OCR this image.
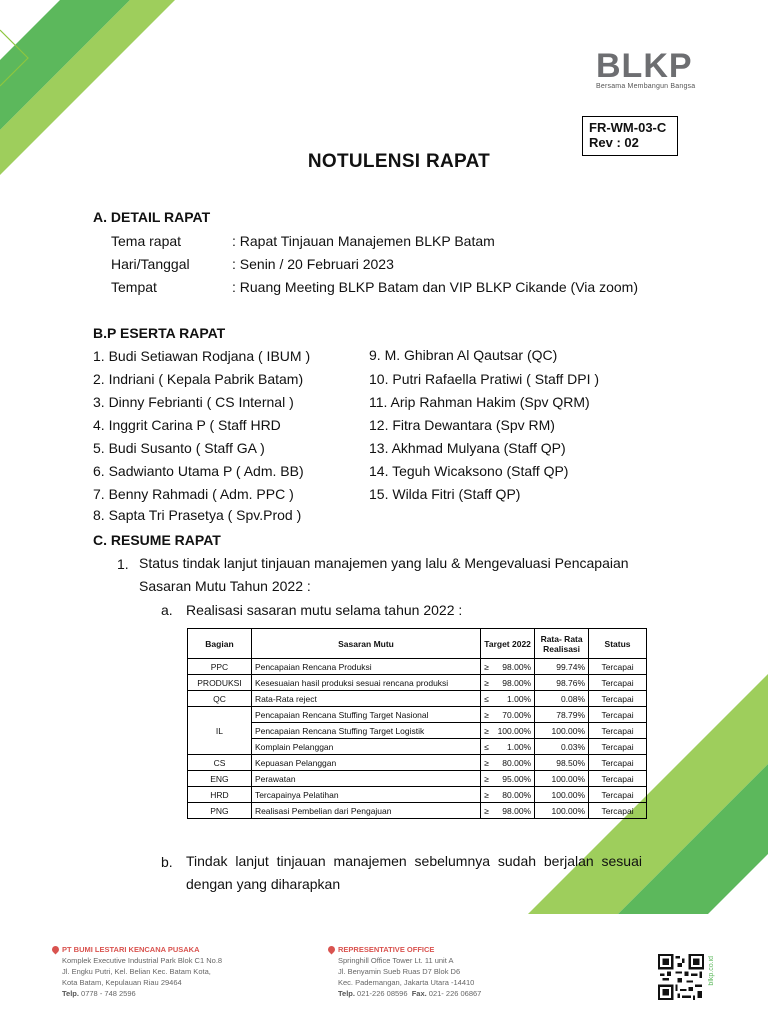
BLKP
Bersama Membangun Bangsa
FR-WM-03-C
Rev : 02
NOTULENSI RAPAT
A. DETAIL RAPAT
Tema rapat	: Rapat Tinjauan Manajemen BLKP Batam
Hari/Tanggal	: Senin / 20 Februari 2023
Tempat	: Ruang Meeting BLKP Batam dan VIP BLKP Cikande (Via zoom)
B.P ESERTA RAPAT
1. Budi Setiawan Rodjana ( IBUM )
2. Indriani ( Kepala Pabrik Batam)
3. Dinny Febrianti ( CS Internal )
4. Inggrit Carina P ( Staff HRD
5. Budi Susanto ( Staff GA )
6. Sadwianto Utama P ( Adm. BB)
7. Benny Rahmadi ( Adm. PPC )
8. Sapta Tri Prasetya ( Spv.Prod )
9. M. Ghibran Al Qautsar (QC)
10. Putri Rafaella Pratiwi ( Staff DPI )
11. Arip Rahman Hakim (Spv QRM)
12. Fitra Dewantara (Spv RM)
13. Akhmad Mulyana (Staff QP)
14. Teguh Wicaksono (Staff QP)
15. Wilda Fitri (Staff QP)
C. RESUME RAPAT
1. Status tindak lanjut tinjauan manajemen yang lalu & Mengevaluasi Pencapaian
Sasaran Mutu Tahun 2022 :
a. Realisasi sasaran mutu selama tahun 2022 :
Bagian	Sasaran Mutu	Target 2022		Rata- Rata Realisasi	Status
PPC	Pencapaian Rencana Produksi	≥	98.00%	99.74%	Tercapai
PRODUKSI	Kesesuaian hasil produksi sesuai rencana produksi	≥	98.00%	98.76%	Tercapai
QC	Rata-Rata reject	≤	1.00%	0.08%	Tercapai
IL	Pencapaian Rencana Stuffing Target Nasional	≥	70.00%	78.79%	Tercapai
	Pencapaian Rencana Stuffing Target Logistik	≥	100.00%	100.00%	Tercapai
	Komplain Pelanggan	≤	1.00%	0.03%	Tercapai
CS	Kepuasan Pelanggan	≥	80.00%	98.50%	Tercapai
ENG	Perawatan	≥	95.00%	100.00%	Tercapai
HRD	Tercapainya Pelatihan	≥	80.00%	100.00%	Tercapai
PNG	Realisasi Pembelian dari Pengajuan	≥	98.00%	100.00%	Tercapai
b. Tindak lanjut tinjauan manajemen sebelumnya sudah berjalan sesuai
dengan yang diharapkan
PT BUMI LESTARI KENCANA PUSAKA
Komplek Executive Industrial Park Blok C1 No.8
Jl. Engku Putri, Kel. Belian Kec. Batam Kota,
Kota Batam, Kepulauan Riau 29464
Telp. 0778 - 748 2596
REPRESENTATIVE OFFICE
Springhill Office Tower Lt. 11 unit A
Jl. Benyamin Sueb Ruas D7 Blok D6
Kec. Pademangan, Jakarta Utara -14410
Telp. 021-226 08596 Fax. 021- 226 06867
blkp.co.id
